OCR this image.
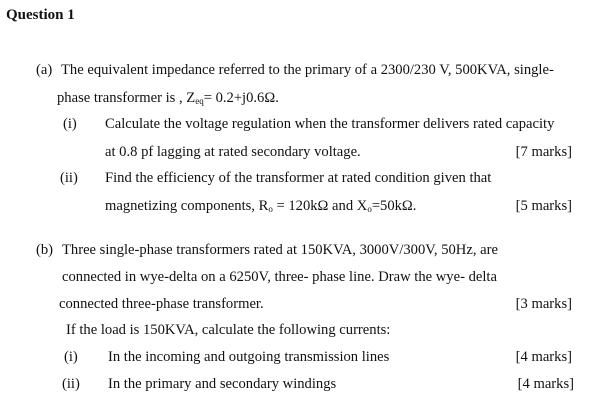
Question 1
(a) The equivalent impedance referred to the primary of a 2300/230 V, 500KVA, single-
phase transformer is , $Z_{eq}= 0.2+j0.6\Omega$.
(i) Calculate the voltage regulation when the transformer delivers rated capacity
at 0.8 pf lagging at rated secondary voltage.	[7 marks]
(ii) Find the efficiency of the transformer at rated condition given that
magnetizing components, $R_o = 120k\Omega$ and $X_o=50k\Omega$.	[5 marks]
(b) Three single-phase transformers rated at 150KVA, 3000V/300V, 50Hz, are
connected in wye-delta on a 6250V, three- phase line. Draw the wye- delta
connected three-phase transformer.	[3 marks]
If the load is 150KVA, calculate the following currents:
(i) In the incoming and outgoing transmission lines	[4 marks]
(ii) In the primary and secondary windings	[4 marks]
